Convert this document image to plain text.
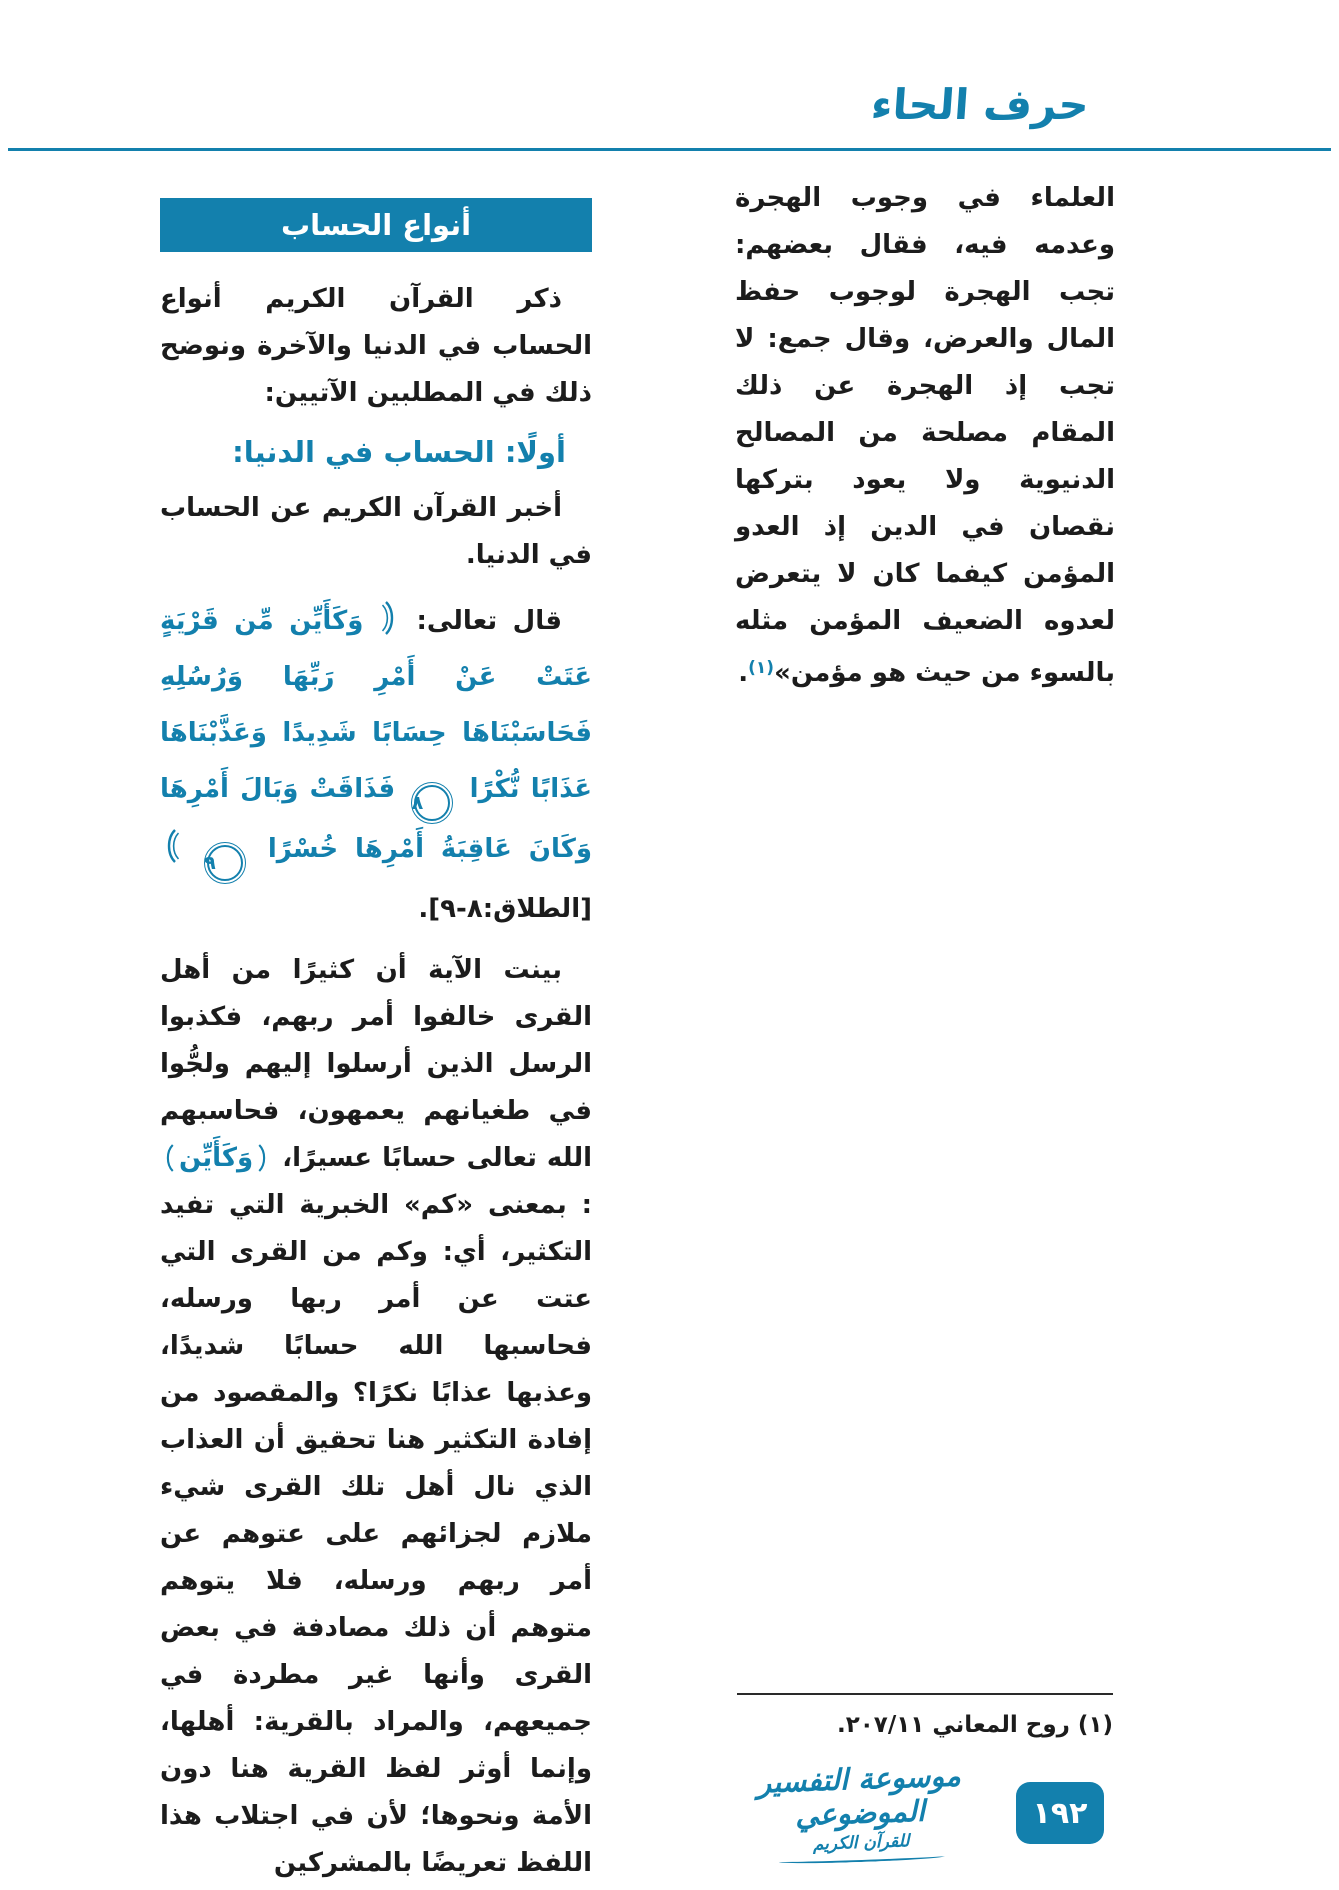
حرف الحاء

العلماء في وجوب الهجرة وعدمه فيه، فقال بعضهم: تجب الهجرة لوجوب حفظ المال والعرض، وقال جمع: لا تجب إذ الهجرة عن ذلك المقام مصلحة من المصالح الدنيوية ولا يعود بتركها نقصان في الدين إذ العدو المؤمن كيفما كان لا يتعرض لعدوه الضعيف المؤمن مثله بالسوء من حيث هو مؤمن»$^{(١)}$.

أنواع الحساب

ذكر القرآن الكريم أنواع الحساب في الدنيا والآخرة ونوضح ذلك في المطلبين الآتيين:

أولًا: الحساب في الدنيا:

أخبر القرآن الكريم عن الحساب في الدنيا.

قال تعالى:  وَكَأَيِّن مِّن قَرْيَةٍ عَتَتْ عَنْ أَمْرِ رَبِّهَا وَرُسُلِهِ فَحَاسَبْنَاهَا حِسَابًا شَدِيدًا وَعَذَّبْنَاهَا عَذَابًا نُّكْرًا ٨ فَذَاقَتْ وَبَالَ أَمْرِهَا وَكَانَ عَاقِبَةُ أَمْرِهَا خُسْرًا ٩  [الطلاق:٨-٩].

بينت الآية أن كثيرًا من أهل القرى خالفوا أمر ربهم، فكذبوا الرسل الذين أرسلوا إليهم ولجُّوا في طغيانهم يعمهون، فحاسبهم الله تعالى حسابًا عسيرًا، وَكَأَيِّن: بمعنى «كم» الخبرية التي تفيد التكثير، أي: وكم من القرى التي عتت عن أمر ربها ورسله، فحاسبها الله حسابًا شديدًا، وعذبها عذابًا نكرًا؟ والمقصود من إفادة التكثير هنا تحقيق أن العذاب الذي نال أهل تلك القرى شيء ملازم لجزائهم على عتوهم عن أمر ربهم ورسله، فلا يتوهم متوهم أن ذلك مصادفة في بعض القرى وأنها غير مطردة في جميعهم، والمراد بالقرية: أهلها، وإنما أوثر لفظ القرية هنا دون الأمة ونحوها؛ لأن في اجتلاب هذا اللفظ تعريضًا بالمشركين

(١) روح المعاني ٢٠٧/١١.

موسوعة التفسير الموضوعي
للقرآن الكريم
١٩٢
